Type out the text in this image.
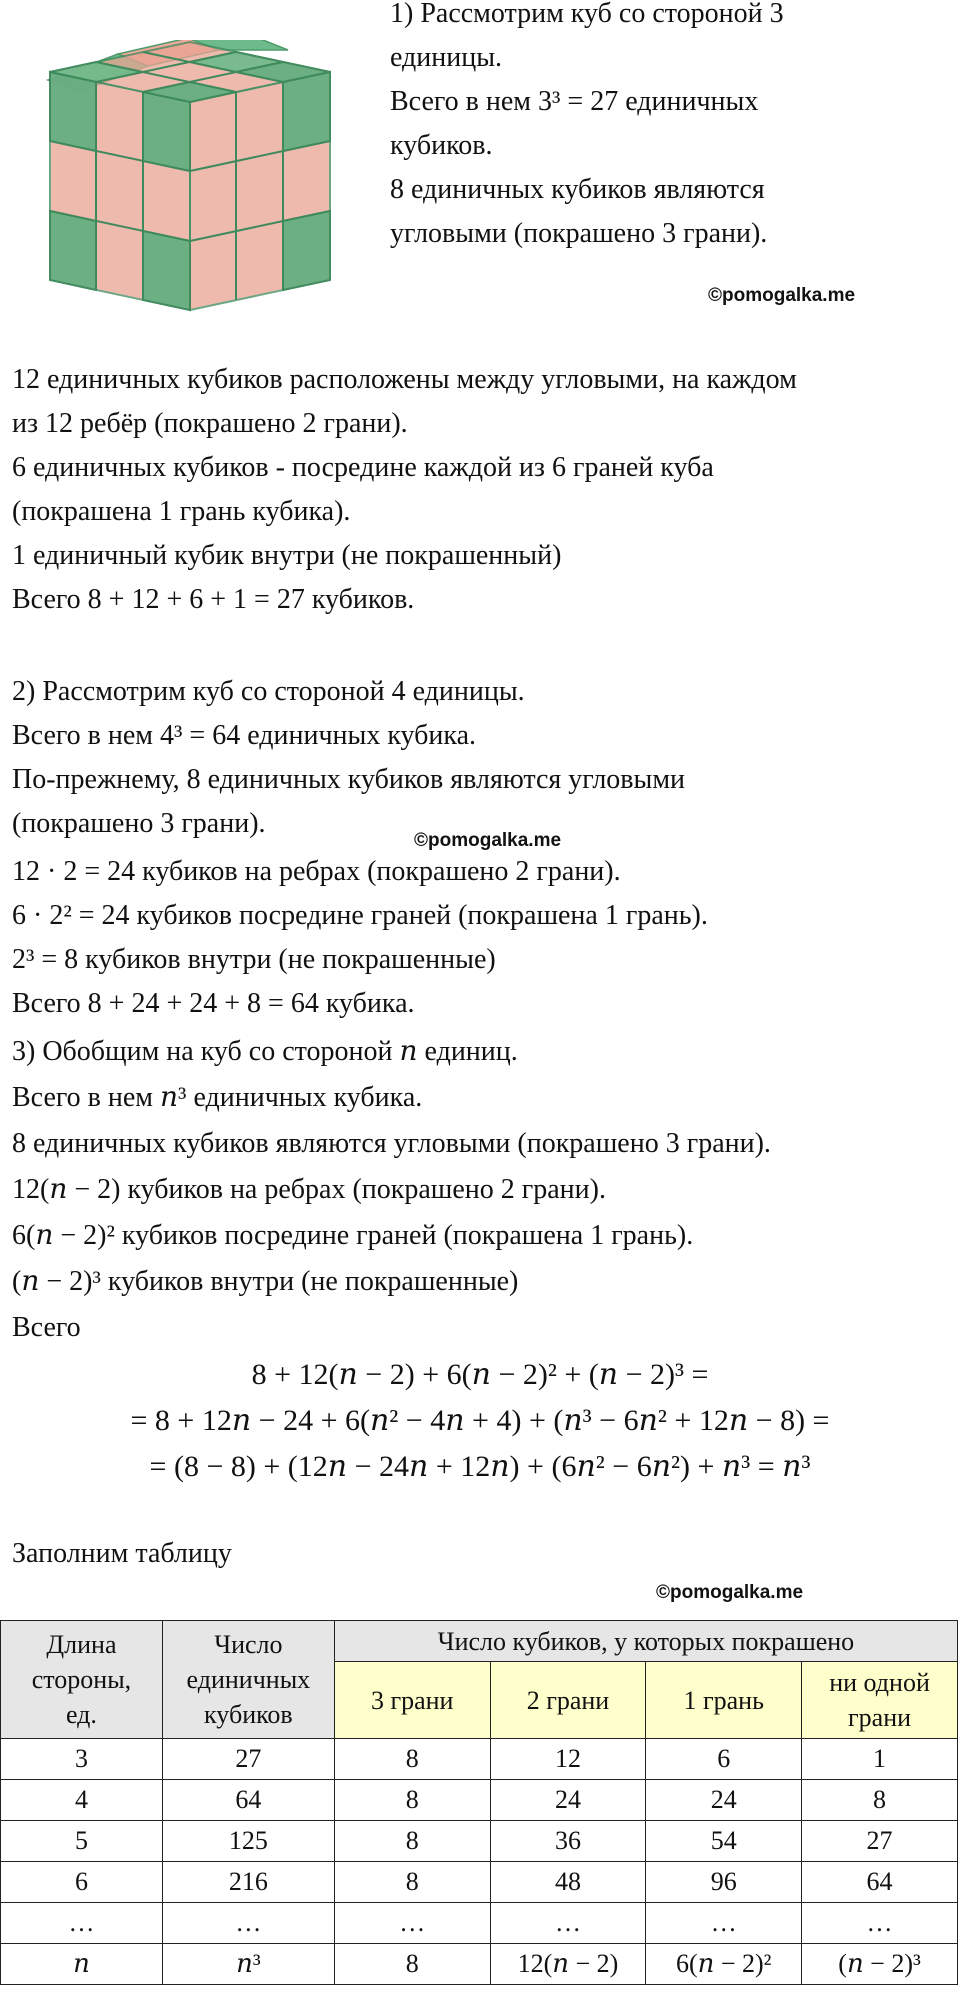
1) Рассмотрим куб со стороной 3
единицы.
Всего в нем 3³ = 27 единичных
кубиков.
8 единичных кубиков являются
угловыми (покрашено 3 грани).
©pomogalka.me
12 единичных кубиков расположены между угловыми, на каждом
из 12 ребёр (покрашено 2 грани).
6 единичных кубиков - посредине каждой из 6 граней куба
(покрашена 1 грань кубика).
1 единичный кубик внутри (не покрашенный)
Всего 8 + 12 + 6 + 1 = 27 кубиков.
2) Рассмотрим куб со стороной 4 единицы.
Всего в нем 4³ = 64 единичных кубика.
По-прежнему, 8 единичных кубиков являются угловыми
(покрашено 3 грани).
©pomogalka.me
12 · 2 = 24 кубиков на ребрах (покрашено 2 грани).
6 · 2² = 24 кубиков посредине граней (покрашена 1 грань).
2³ = 8 кубиков внутри (не покрашенные)
Всего 8 + 24 + 24 + 8 = 64 кубика.
3) Обобщим на куб со стороной 𝑛 единиц.
Всего в нем 𝑛³ единичных кубика.
8 единичных кубиков являются угловыми (покрашено 3 грани).
12(𝑛 − 2) кубиков на ребрах (покрашено 2 грани).
6(𝑛 − 2)² кубиков посредине граней (покрашена 1 грань).
(𝑛 − 2)³ кубиков внутри (не покрашенные)
Всего
8 + 12(𝑛 − 2) + 6(𝑛 − 2)² + (𝑛 − 2)³ =
= 8 + 12𝑛 − 24 + 6(𝑛² − 4𝑛 + 4) + (𝑛³ − 6𝑛² + 12𝑛 − 8) =
= (8 − 8) + (12𝑛 − 24𝑛 + 12𝑛) + (6𝑛² − 6𝑛²) + 𝑛³ = 𝑛³
Заполним таблицу
©pomogalka.me
Длина стороны, ед.	Число единичных кубиков	Число кубиков, у которых покрашено			
		3 грани	2 грани	1 грань	ни одной грани
3	27	8	12	6	1
4	64	8	24	24	8
5	125	8	36	54	27
6	216	8	48	96	64
…	…	…	…	…	…
𝑛	𝑛³	8	12(𝑛 − 2)	6(𝑛 − 2)²	(𝑛 − 2)³
